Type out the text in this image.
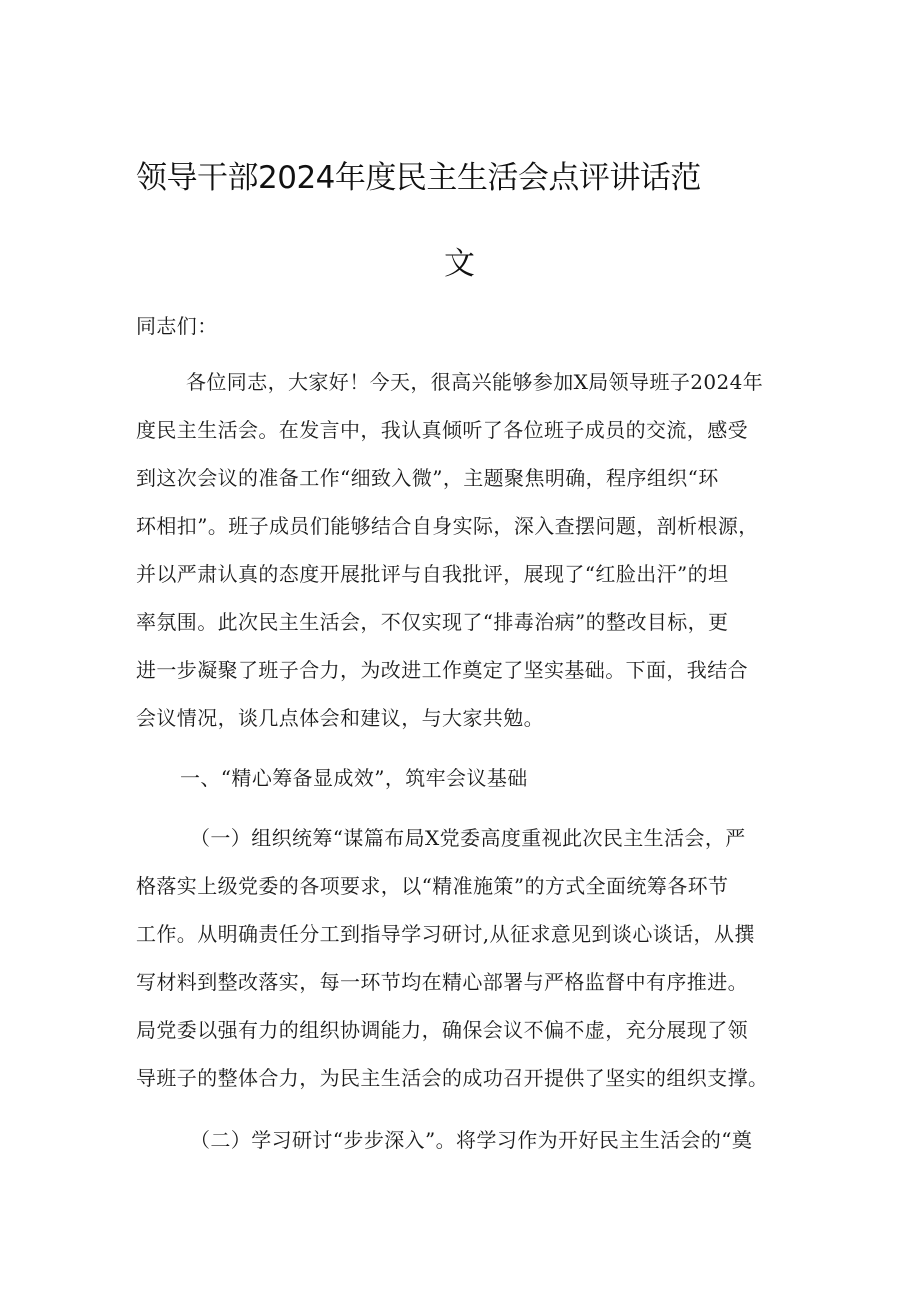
领导干部2024年度民主生活会点评讲话范
文
同志们：
各位同志，大家好！今天，很高兴能够参加X局领导班子2024年
度民主生活会。在发言中，我认真倾听了各位班子成员的交流，感受
到这次会议的准备工作“细致入微”，主题聚焦明确，程序组织“环
环相扣”。班子成员们能够结合自身实际，深入查摆问题，剖析根源，
并以严肃认真的态度开展批评与自我批评，展现了“红脸出汗”的坦
率氛围。此次民主生活会，不仅实现了“排毒治病”的整改目标，更
进一步凝聚了班子合力，为改进工作奠定了坚实基础。下面，我结合
会议情况，谈几点体会和建议，与大家共勉。
一、“精心筹备显成效”，筑牢会议基础
（一）组织统筹“谋篇布局X党委高度重视此次民主生活会，严
格落实上级党委的各项要求，以“精准施策”的方式全面统筹各环节
工作。从明确责任分工到指导学习研讨,从征求意见到谈心谈话，从撰
写材料到整改落实，每一环节均在精心部署与严格监督中有序推进。
局党委以强有力的组织协调能力，确保会议不偏不虚，充分展现了领
导班子的整体合力，为民主生活会的成功召开提供了坚实的组织支撑。
（二）学习研讨“步步深入”。将学习作为开好民主生活会的“奠
